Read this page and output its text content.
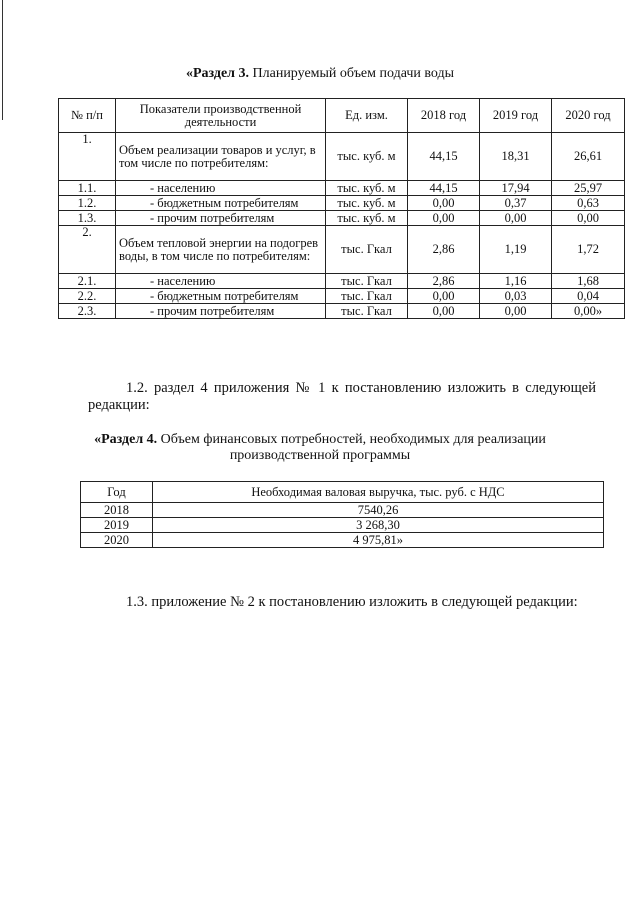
«Раздел 3. Планируемый объем подачи воды
№ п/п	Показатели производственной деятельности	Ед. изм.	2018 год	2019 год	2020 год
1.	Объем реализации товаров и услуг, в том числе по потребителям:	тыс. куб. м	44,15	18,31	26,61
1.1.	- населению	тыс. куб. м	44,15	17,94	25,97
1.2.	- бюджетным потребителям	тыс. куб. м	0,00	0,37	0,63
1.3.	- прочим потребителям	тыс. куб. м	0,00	0,00	0,00
2.	Объем тепловой энергии на подогрев воды, в том числе по потребителям:	тыс. Гкал	2,86	1,19	1,72
2.1.	- населению	тыс. Гкал	2,86	1,16	1,68
2.2.	- бюджетным потребителям	тыс. Гкал	0,00	0,03	0,04
2.3.	- прочим потребителям	тыс. Гкал	0,00	0,00	0,00»
1.2. раздел 4 приложения № 1 к постановлению изложить в следующей редакции:
«Раздел 4. Объем финансовых потребностей, необходимых для реализации
производственной программы
Год	Необходимая валовая выручка, тыс. руб. с НДС
2018	7540,26
2019	3 268,30
2020	4 975,81»
1.3. приложение № 2 к постановлению изложить в следующей редакции:
